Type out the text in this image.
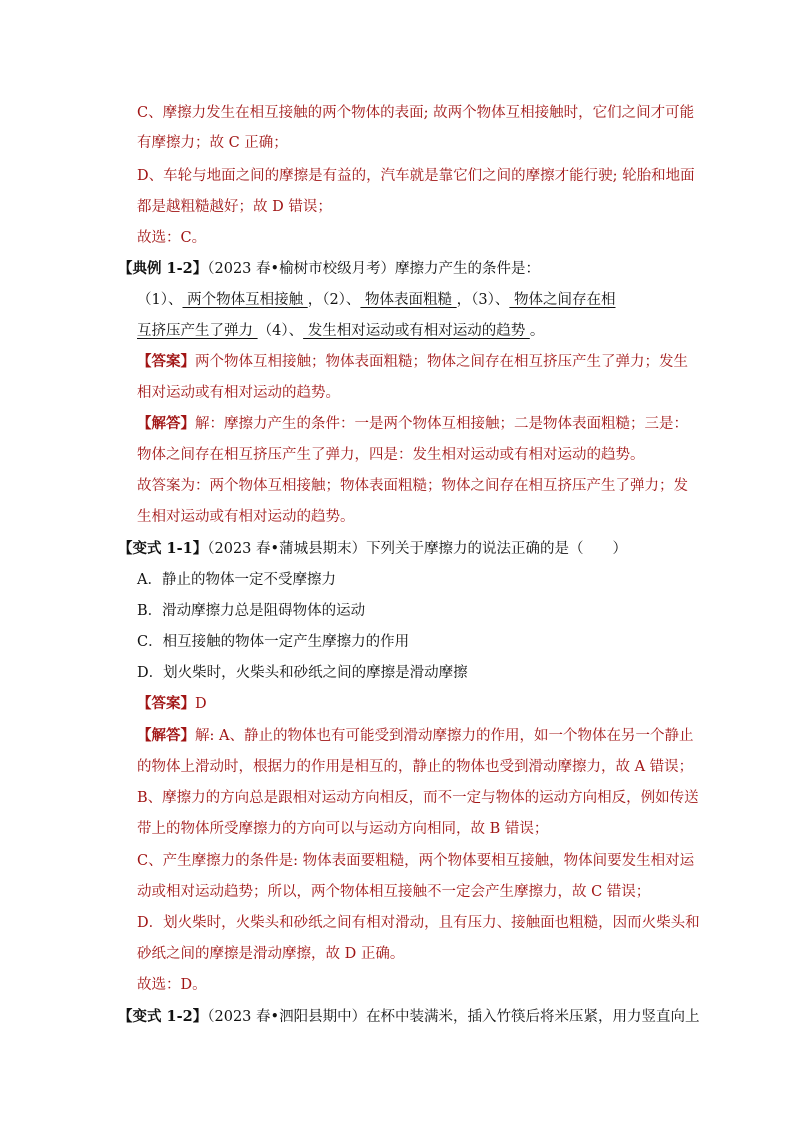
C、摩擦力发生在相互接触的两个物体的表面; 故两个物体互相接触时，它们之间才可能
有摩擦力；故 C 正确；
D、车轮与地面之间的摩擦是有益的，汽车就是靠它们之间的摩擦才能行驶; 轮胎和地面
都是越粗糙越好；故 D 错误；
故选：C。
【典例 1-2】（2023 春•榆树市校级月考）摩擦力产生的条件是：
（1）、 两个物体互相接触 ，（2）、 物体表面粗糙 ，（3）、 物体之间存在相
互挤压产生了弹力 （4）、 发生相对运动或有相对运动的趋势 。
【答案】两个物体互相接触；物体表面粗糙；物体之间存在相互挤压产生了弹力；发生
相对运动或有相对运动的趋势。
【解答】解：摩擦力产生的条件：一是两个物体互相接触；二是物体表面粗糙；三是：
物体之间存在相互挤压产生了弹力，四是：发生相对运动或有相对运动的趋势。
故答案为：两个物体互相接触；物体表面粗糙；物体之间存在相互挤压产生了弹力；发
生相对运动或有相对运动的趋势。
【变式 1-1】（2023 春•蒲城县期末）下列关于摩擦力的说法正确的是（　　）
A．静止的物体一定不受摩擦力
B．滑动摩擦力总是阻碍物体的运动
C．相互接触的物体一定产生摩擦力的作用
D．划火柴时，火柴头和砂纸之间的摩擦是滑动摩擦
【答案】D
【解答】解: A、静止的物体也有可能受到滑动摩擦力的作用，如一个物体在另一个静止
的物体上滑动时，根据力的作用是相互的，静止的物体也受到滑动摩擦力，故 A 错误；
B、摩擦力的方向总是跟相对运动方向相反，而不一定与物体的运动方向相反，例如传送
带上的物体所受摩擦力的方向可以与运动方向相同，故 B 错误；
C、产生摩擦力的条件是: 物体表面要粗糙，两个物体要相互接触，物体间要发生相对运
动或相对运动趋势；所以，两个物体相互接触不一定会产生摩擦力，故 C 错误；
D．划火柴时，火柴头和砂纸之间有相对滑动，且有压力、接触面也粗糙，因而火柴头和
砂纸之间的摩擦是滑动摩擦，故 D 正确。
故选：D。
【变式 1-2】（2023 春•泗阳县期中）在杯中装满米，插入竹筷后将米压紧，用力竖直向上
